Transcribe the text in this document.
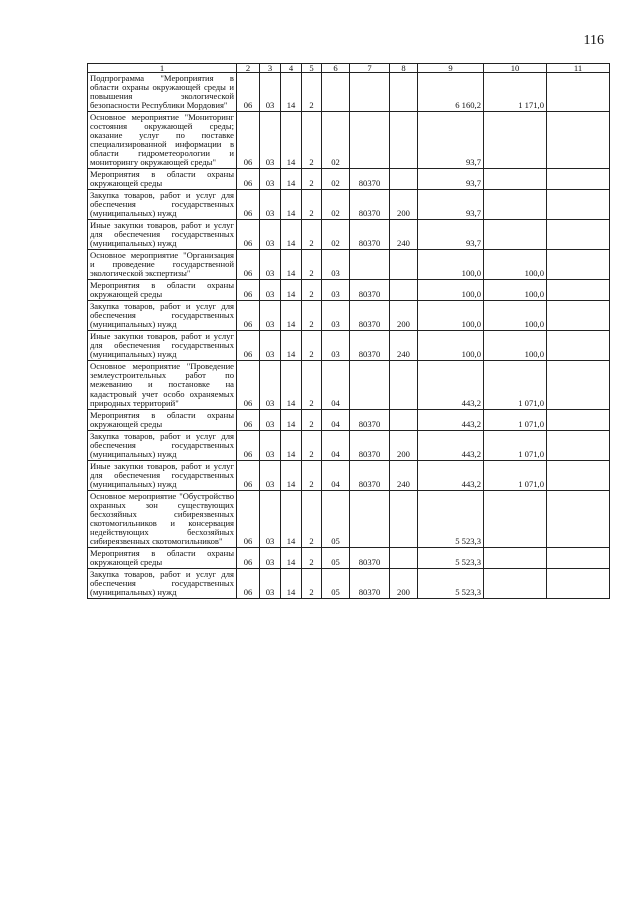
116
1	2	3	4	5	6	7	8	9	10	11
Подпрограмма "Мероприятия в области охраны окружающей среды и повышения экологической безопасности Республики Мордовия"	06	03	14	2				6 160,2	1 171,0	
Основное мероприятие "Мониторинг состояния окружающей среды; оказание услуг по поставке специализированной информации в области гидрометеорологии и мониторингу окружающей среды"	06	03	14	2	02			93,7		
Мероприятия в области охраны окружающей среды	06	03	14	2	02	80370		93,7		
Закупка товаров, работ и услуг для обеспечения государственных (муниципальных) нужд	06	03	14	2	02	80370	200	93,7		
Иные закупки товаров, работ и услуг для обеспечения государственных (муниципальных) нужд	06	03	14	2	02	80370	240	93,7		
Основное мероприятие "Организация и проведение государственной экологической экспертизы"	06	03	14	2	03			100,0	100,0	
Мероприятия в области охраны окружающей среды	06	03	14	2	03	80370		100,0	100,0	
Закупка товаров, работ и услуг для обеспечения государственных (муниципальных) нужд	06	03	14	2	03	80370	200	100,0	100,0	
Иные закупки товаров, работ и услуг для обеспечения государственных (муниципальных) нужд	06	03	14	2	03	80370	240	100,0	100,0	
Основное мероприятие "Проведение землеустроительных работ по межеванию и постановке на кадастровый учет особо охраняемых природных территорий"	06	03	14	2	04			443,2	1 071,0	
Мероприятия в области охраны окружающей среды	06	03	14	2	04	80370		443,2	1 071,0	
Закупка товаров, работ и услуг для обеспечения государственных (муниципальных) нужд	06	03	14	2	04	80370	200	443,2	1 071,0	
Иные закупки товаров, работ и услуг для обеспечения государственных (муниципальных) нужд	06	03	14	2	04	80370	240	443,2	1 071,0	
Основное мероприятие "Обустройство охранных зон существующих бесхозяйных сибиреязвенных скотомогильников и консервация недействующих бесхозяйных сибиреязвенных скотомогильников"	06	03	14	2	05			5 523,3		
Мероприятия в области охраны окружающей среды	06	03	14	2	05	80370		5 523,3		
Закупка товаров, работ и услуг для обеспечения государственных (муниципальных) нужд	06	03	14	2	05	80370	200	5 523,3		
